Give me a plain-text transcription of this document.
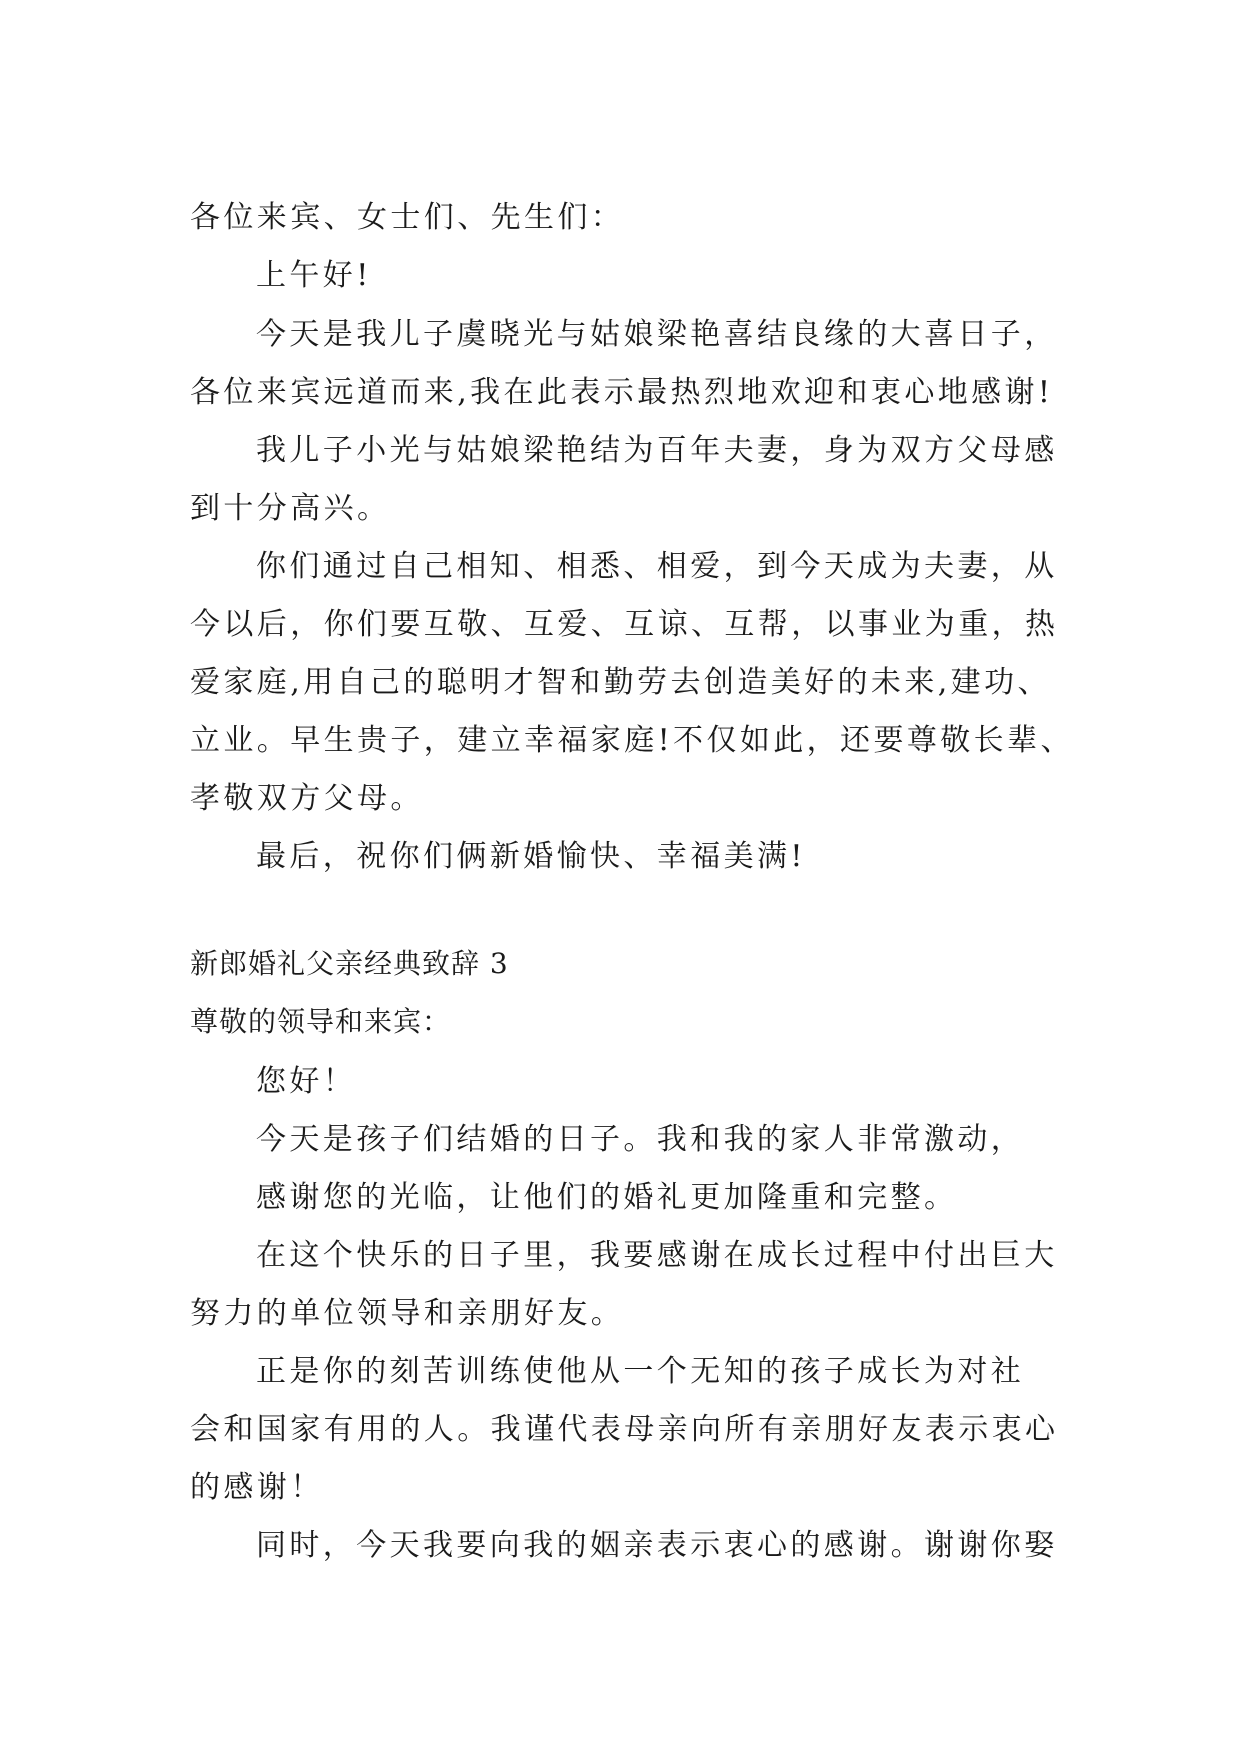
各位来宾、女士们、先生们：

上午好!

今天是我儿子虞晓光与姑娘梁艳喜结良缘的大喜日子，

各位来宾远道而来,我在此表示最热烈地欢迎和衷心地感谢!

我儿子小光与姑娘梁艳结为百年夫妻，身为双方父母感

到十分高兴。

你们通过自己相知、相悉、相爱，到今天成为夫妻，从

今以后，你们要互敬、互爱、互谅、互帮，以事业为重，热

爱家庭,用自己的聪明才智和勤劳去创造美好的未来,建功、

立业。早生贵子，建立幸福家庭!不仅如此，还要尊敬长辈、

孝敬双方父母。

最后，祝你们俩新婚愉快、幸福美满!

新郎婚礼父亲经典致辞 3

尊敬的领导和来宾：

您好！

今天是孩子们结婚的日子。我和我的家人非常激动，

感谢您的光临，让他们的婚礼更加隆重和完整。

在这个快乐的日子里，我要感谢在成长过程中付出巨大

努力的单位领导和亲朋好友。

正是你的刻苦训练使他从一个无知的孩子成长为对社

会和国家有用的人。我谨代表母亲向所有亲朋好友表示衷心

的感谢！

同时，今天我要向我的姻亲表示衷心的感谢。谢谢你娶
